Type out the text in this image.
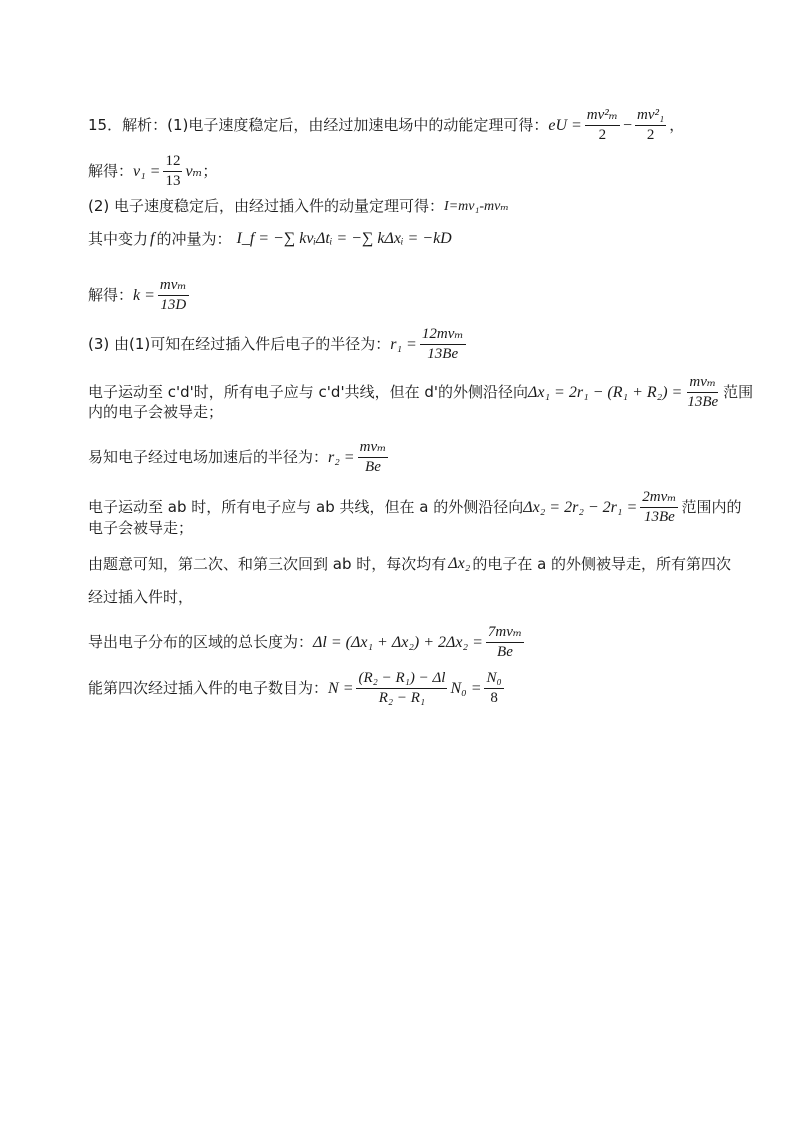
15．解析：(1)电子速度稳定后，由经过加速电场中的动能定理可得： eU = $\frac{\text{mv²ₘ}}{2} - \frac{\text{mv²₁}}{2}$ ，
解得： $v_1 = \frac{12}{13}$ vₘ ；
(2) 电子速度稳定后，由经过插入件的动量定理可得： I=mv₁-mvₘ
其中变力 f 的冲量为： I_f = −∑ kvᵢΔtᵢ = −∑ kΔxᵢ = −kD
解得： $k = \frac{\text{mvₘ}}{13D}$
(3) 由(1)可知在经过插入件后电子的半径为： $r_1 = \frac{\text{12mvₘ}}{13Be}$
电子运动至 c'd'时，所有电子应与 c'd'共线，但在 d'的外侧沿径向 $\Delta x_1 = 2r_1 - (R_1 + R_2) = \frac{\text{mvₘ}}{13Be}$ 范围
内的电子会被导走；
易知电子经过电场加速后的半径为： $r_2 = \frac{\text{mvₘ}}{Be}$
电子运动至 ab 时，所有电子应与 ab 共线，但在 a 的外侧沿径向 $\Delta x_2 = 2r_2 - 2r_1 = \frac{\text{2mvₘ}}{13Be}$ 范围内的
电子会被导走；
由题意可知，第二次、和第三次回到 ab 时，每次均有 Δx₂ 的电子在 a 的外侧被导走，所有第四次
经过插入件时，
导出电子分布的区域的总长度为： $\Delta l = (\Delta x_1 + \Delta x_2) + 2\Delta x_2 = \frac{\text{7mvₘ}}{Be}$
能第四次经过插入件的电子数目为： $N = \frac{\text{(R₂ − R₁) − Δl}}{\text{R₂ − R₁}} N_0 = \frac{\text{N₀}}{8}$
